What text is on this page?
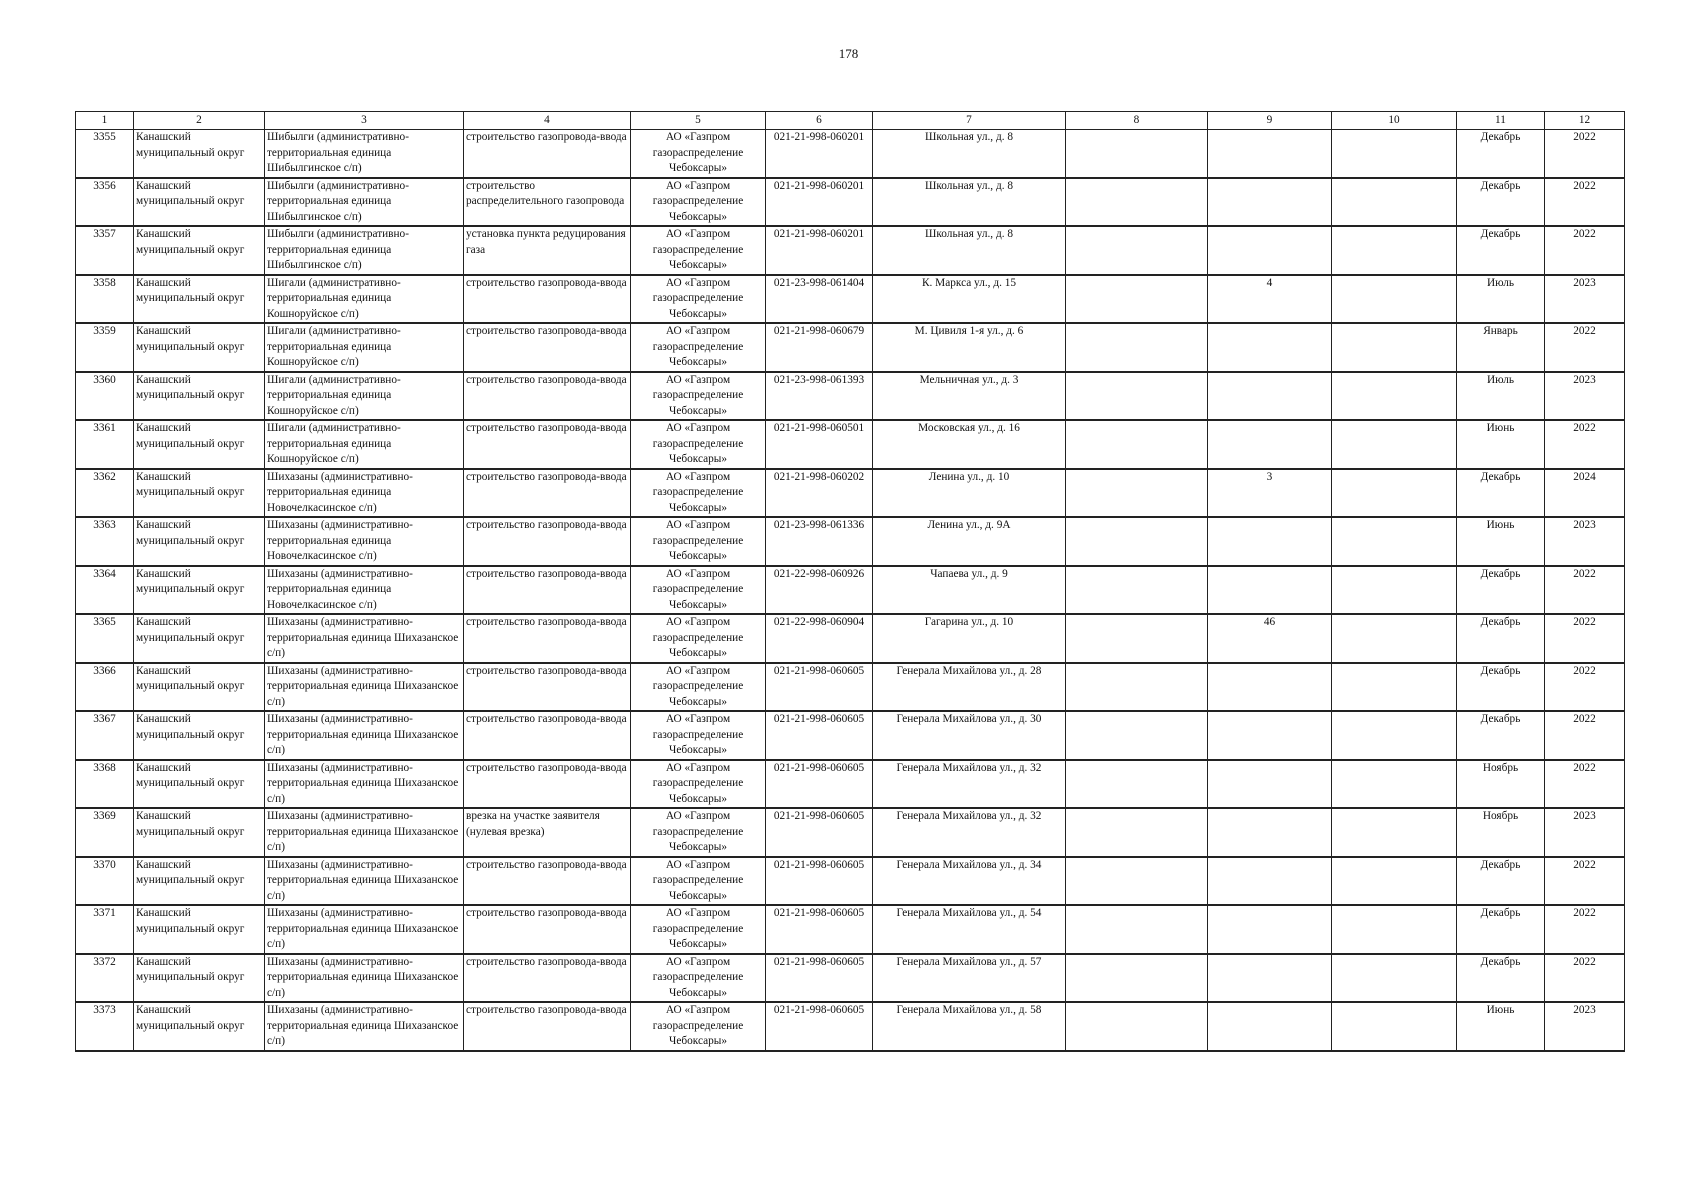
178
1	2	3	4	5	6	7	8	9	10	11	12
3355	Канашский муниципальный округ	Шибылги (административно-территориальная единица Шибылгинское с/п)	строительство газопровода-ввода	АО «Газпром газораспределение Чебоксары»	021-21-998-060201	Школьная ул., д. 8				Декабрь	2022
3356	Канашский муниципальный округ	Шибылги (административно-территориальная единица Шибылгинское с/п)	строительство распределительного газопровода	АО «Газпром газораспределение Чебоксары»	021-21-998-060201	Школьная ул., д. 8				Декабрь	2022
3357	Канашский муниципальный округ	Шибылги (административно-территориальная единица Шибылгинское с/п)	установка пункта редуцирования газа	АО «Газпром газораспределение Чебоксары»	021-21-998-060201	Школьная ул., д. 8				Декабрь	2022
3358	Канашский муниципальный округ	Шигали (административно-территориальная единица Кошноруйское с/п)	строительство газопровода-ввода	АО «Газпром газораспределение Чебоксары»	021-23-998-061404	К. Маркса ул., д. 15		4		Июль	2023
3359	Канашский муниципальный округ	Шигали (административно-территориальная единица Кошноруйское с/п)	строительство газопровода-ввода	АО «Газпром газораспределение Чебоксары»	021-21-998-060679	М. Цивиля 1-я ул., д. 6				Январь	2022
3360	Канашский муниципальный округ	Шигали (административно-территориальная единица Кошноруйское с/п)	строительство газопровода-ввода	АО «Газпром газораспределение Чебоксары»	021-23-998-061393	Мельничная ул., д. 3				Июль	2023
3361	Канашский муниципальный округ	Шигали (административно-территориальная единица Кошноруйское с/п)	строительство газопровода-ввода	АО «Газпром газораспределение Чебоксары»	021-21-998-060501	Московская ул., д. 16				Июнь	2022
3362	Канашский муниципальный округ	Шихазаны (административно-территориальная единица Новочелкасинское с/п)	строительство газопровода-ввода	АО «Газпром газораспределение Чебоксары»	021-21-998-060202	Ленина ул., д. 10		3		Декабрь	2024
3363	Канашский муниципальный округ	Шихазаны (административно-территориальная единица Новочелкасинское с/п)	строительство газопровода-ввода	АО «Газпром газораспределение Чебоксары»	021-23-998-061336	Ленина ул., д. 9А				Июнь	2023
3364	Канашский муниципальный округ	Шихазаны (административно-территориальная единица Новочелкасинское с/п)	строительство газопровода-ввода	АО «Газпром газораспределение Чебоксары»	021-22-998-060926	Чапаева ул., д. 9				Декабрь	2022
3365	Канашский муниципальный округ	Шихазаны (административно-территориальная единица Шихазанское с/п)	строительство газопровода-ввода	АО «Газпром газораспределение Чебоксары»	021-22-998-060904	Гагарина ул., д. 10		46		Декабрь	2022
3366	Канашский муниципальный округ	Шихазаны (административно-территориальная единица Шихазанское с/п)	строительство газопровода-ввода	АО «Газпром газораспределение Чебоксары»	021-21-998-060605	Генерала Михайлова ул., д. 28				Декабрь	2022
3367	Канашский муниципальный округ	Шихазаны (административно-территориальная единица Шихазанское с/п)	строительство газопровода-ввода	АО «Газпром газораспределение Чебоксары»	021-21-998-060605	Генерала Михайлова ул., д. 30				Декабрь	2022
3368	Канашский муниципальный округ	Шихазаны (административно-территориальная единица Шихазанское с/п)	строительство газопровода-ввода	АО «Газпром газораспределение Чебоксары»	021-21-998-060605	Генерала Михайлова ул., д. 32				Ноябрь	2022
3369	Канашский муниципальный округ	Шихазаны (административно-территориальная единица Шихазанское с/п)	врезка на участке заявителя (нулевая врезка)	АО «Газпром газораспределение Чебоксары»	021-21-998-060605	Генерала Михайлова ул., д. 32				Ноябрь	2023
3370	Канашский муниципальный округ	Шихазаны (административно-территориальная единица Шихазанское с/п)	строительство газопровода-ввода	АО «Газпром газораспределение Чебоксары»	021-21-998-060605	Генерала Михайлова ул., д. 34				Декабрь	2022
3371	Канашский муниципальный округ	Шихазаны (административно-территориальная единица Шихазанское с/п)	строительство газопровода-ввода	АО «Газпром газораспределение Чебоксары»	021-21-998-060605	Генерала Михайлова ул., д. 54				Декабрь	2022
3372	Канашский муниципальный округ	Шихазаны (административно-территориальная единица Шихазанское с/п)	строительство газопровода-ввода	АО «Газпром газораспределение Чебоксары»	021-21-998-060605	Генерала Михайлова ул., д. 57				Декабрь	2022
3373	Канашский муниципальный округ	Шихазаны (административно-территориальная единица Шихазанское с/п)	строительство газопровода-ввода	АО «Газпром газораспределение Чебоксары»	021-21-998-060605	Генерала Михайлова ул., д. 58				Июнь	2023
